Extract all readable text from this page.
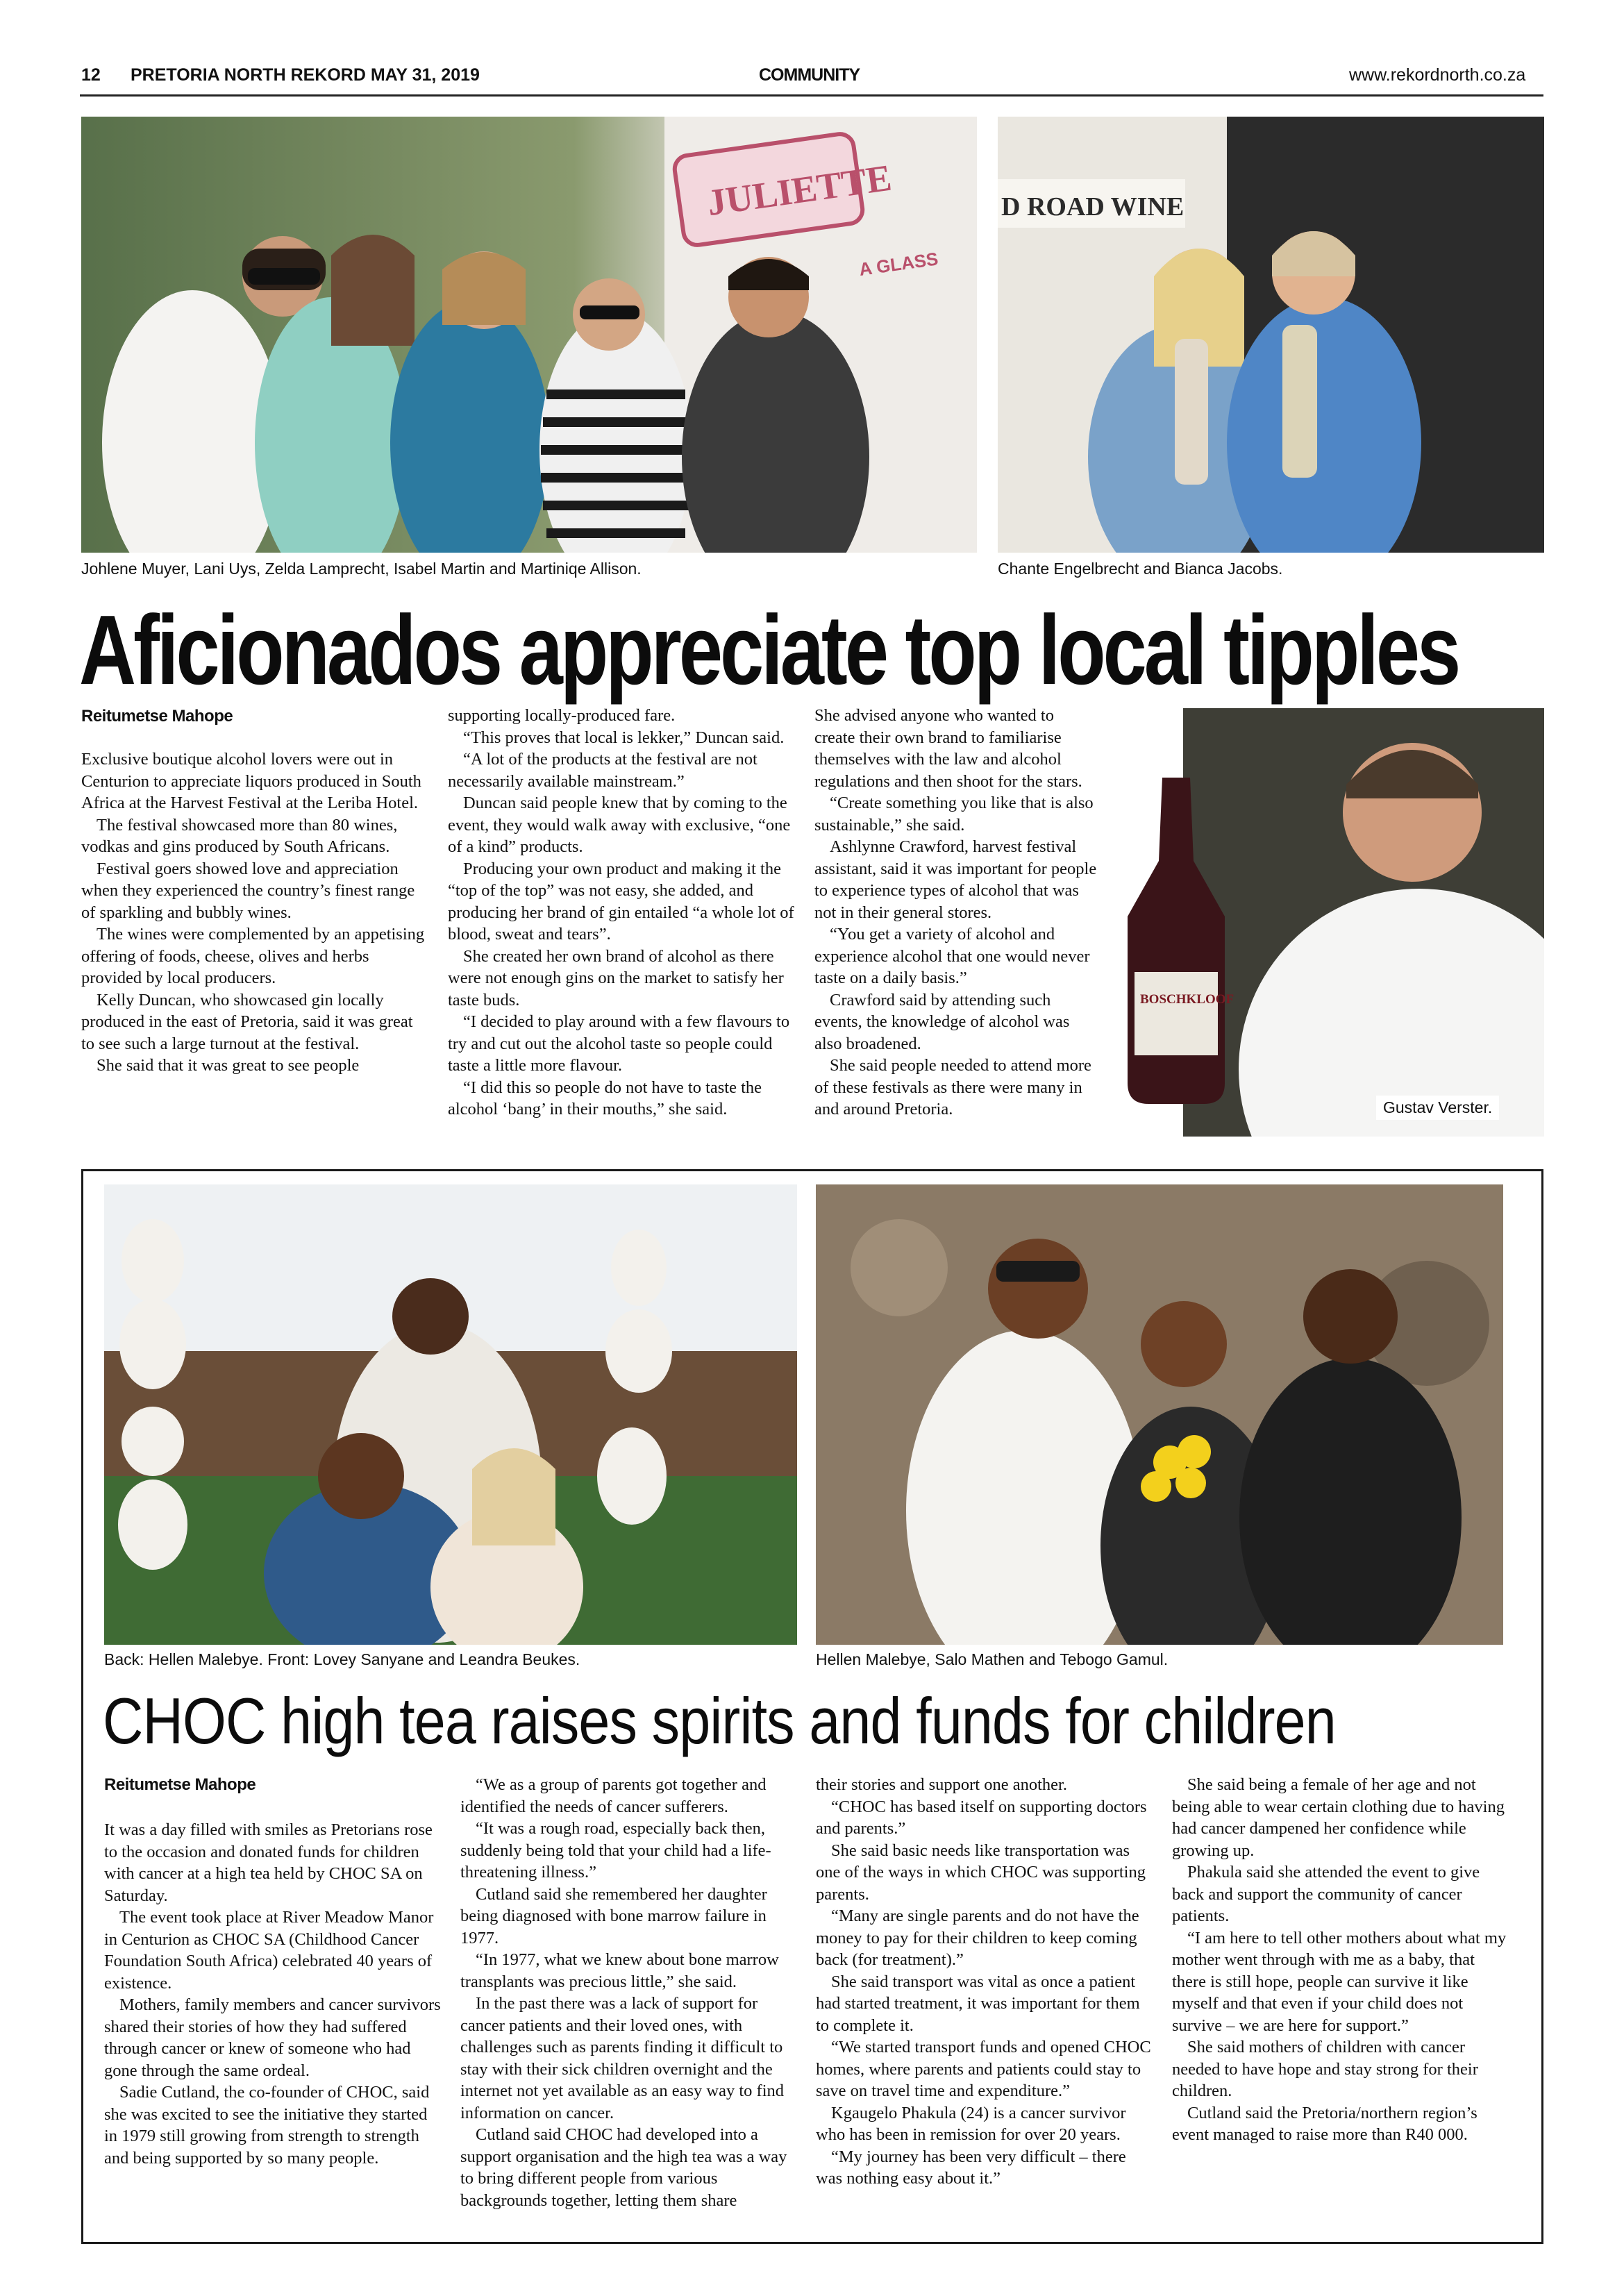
12 PRETORIA NORTH REKORD MAY 31, 2019	COMMUNITY	www.rekordnorth.co.za
JULIETTE
A GLASS
Johlene Muyer, Lani Uys, Zelda Lamprecht, Isabel Martin and Martiniqe Allison.
D ROAD WINE
Chante Engelbrecht and Bianca Jacobs.
Aficionados appreciate top local tipples
Reitumetse Mahope

Exclusive boutique alcohol lovers were out in Centurion to appreciate liquors produced in South Africa at the Harvest Festival at the Leriba Hotel.

The festival showcased more than 80 wines, vodkas and gins produced by South Africans.

Festival goers showed love and appreciation when they experienced the country’s finest range of sparkling and bubbly wines.

The wines were complemented by an appetising offering of foods, cheese, olives and herbs provided by local producers.

Kelly Duncan, who showcased gin locally produced in the east of Pretoria, said it was great to see such a large turnout at the festival.

She said that it was great to see people

supporting locally-produced fare.

“This proves that local is lekker,” Duncan said.

“A lot of the products at the festival are not necessarily available mainstream.”

Duncan said people knew that by coming to the event, they would walk away with exclusive, “one of a kind” products.

Producing your own product and making it the “top of the top” was not easy, she added, and producing her brand of gin entailed “a whole lot of blood, sweat and tears”.

She created her own brand of alcohol as there were not enough gins on the market to satisfy her taste buds.

“I decided to play around with a few flavours to try and cut out the alcohol taste so people could taste a little more flavour.

“I did this so people do not have to taste the alcohol ‘bang’ in their mouths,” she said.

She advised anyone who wanted to create their own brand to familiarise themselves with the law and alcohol regulations and then shoot for the stars.

“Create something you like that is also sustainable,” she said.

Ashlynne Crawford, harvest festival assistant, said it was important for people to experience types of alcohol that was not in their general stores.

“You get a variety of alcohol and experience alcohol that one would never taste on a daily basis.”

Crawford said by attending such events, the knowledge of alcohol was also broadened.

She said people needed to attend more of these festivals as there were many in and around Pretoria.

BOSCHKLOOF
Gustav Verster.
Back: Hellen Malebye. Front: Lovey Sanyane and Leandra Beukes.	Hellen Malebye, Salo Mathen and Tebogo Gamul.
CHOC high tea raises spirits and funds for children
Reitumetse Mahope

It was a day filled with smiles as Pretorians rose to the occasion and donated funds for children with cancer at a high tea held by CHOC SA on Saturday.

The event took place at River Meadow Manor in Centurion as CHOC SA (Childhood Cancer Foundation South Africa) celebrated 40 years of existence.

Mothers, family members and cancer survivors shared their stories of how they had suffered through cancer or knew of someone who had gone through the same ordeal.

Sadie Cutland, the co-founder of CHOC, said she was excited to see the initiative they started in 1979 still growing from strength to strength and being supported by so many people.

“We as a group of parents got together and identified the needs of cancer sufferers.

“It was a rough road, especially back then, suddenly being told that your child had a life-threatening illness.”

Cutland said she remembered her daughter being diagnosed with bone marrow failure in 1977.

“In 1977, what we knew about bone marrow transplants was precious little,” she said.

In the past there was a lack of support for cancer patients and their loved ones, with challenges such as parents finding it difficult to stay with their sick children overnight and the internet not yet available as an easy way to find information on cancer.

Cutland said CHOC had developed into a support organisation and the high tea was a way to bring different people from various backgrounds together, letting them share

their stories and support one another.

“CHOC has based itself on supporting doctors and parents.”

She said basic needs like transportation was one of the ways in which CHOC was supporting parents.

“Many are single parents and do not have the money to pay for their children to keep coming back (for treatment).”

She said transport was vital as once a patient had started treatment, it was important for them to complete it.

“We started transport funds and opened CHOC homes, where parents and patients could stay to save on travel time and expenditure.”

Kgaugelo Phakula (24) is a cancer survivor who has been in remission for over 20 years.

“My journey has been very difficult – there was nothing easy about it.”

She said being a female of her age and not being able to wear certain clothing due to having had cancer dampened her confidence while growing up.

Phakula said she attended the event to give back and support the community of cancer patients.

“I am here to tell other mothers about what my mother went through with me as a baby, that there is still hope, people can survive it like myself and that even if your child does not survive – we are here for support.”

She said mothers of children with cancer needed to have hope and stay strong for their children.

Cutland said the Pretoria/northern region’s event managed to raise more than R40 000.
